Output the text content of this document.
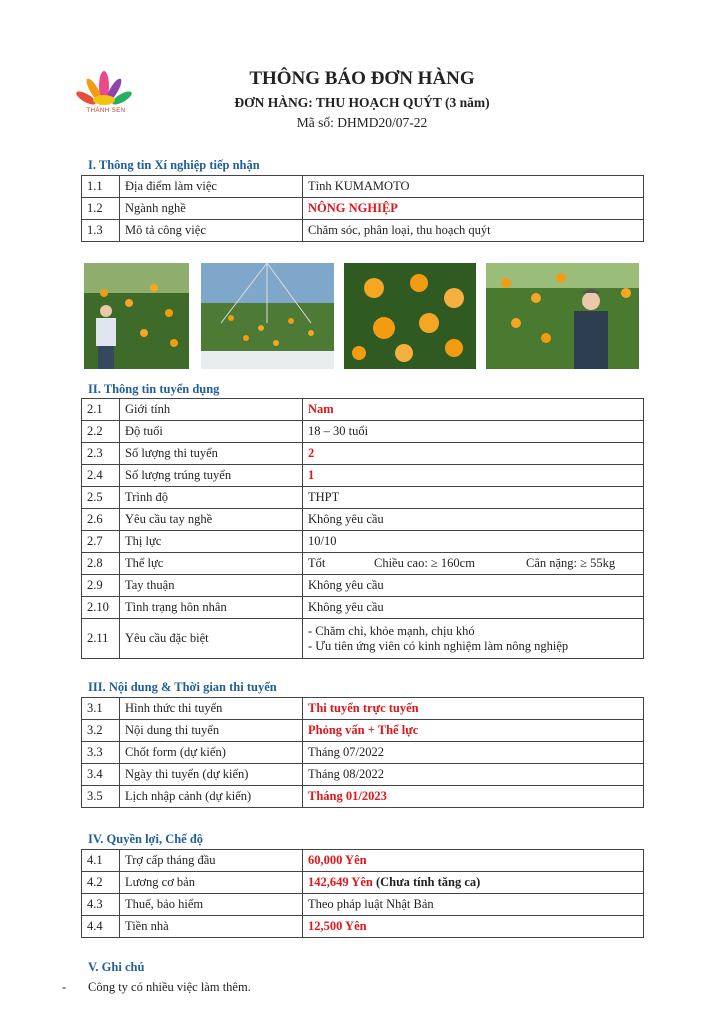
THÀNH SEN
THÔNG BÁO ĐƠN HÀNG
ĐƠN HÀNG: THU HOẠCH QUÝT (3 năm)
Mã số: DHMD20/07-22
I. Thông tin Xí nghiệp tiếp nhận
1.1	Địa điểm làm việc	Tỉnh KUMAMOTO
1.2	Ngành nghề	NÔNG NGHIỆP
1.3	Mô tả công việc	Chăm sóc, phân loại, thu hoạch quýt
II. Thông tin tuyển dụng
2.1	Giới tính	Nam
2.2	Độ tuổi	18 – 30 tuổi
2.3	Số lượng thi tuyển	2
2.4	Số lượng trúng tuyển	1
2.5	Trình độ	THPT
2.6	Yêu cầu tay nghề	Không yêu cầu
2.7	Thị lực	10/10
2.8	Thể lực	Tốt Chiều cao: ≥ 160cm Cân nặng: ≥ 55kg
2.9	Tay thuận	Không yêu cầu
2.10	Tình trạng hôn nhân	Không yêu cầu
2.11	Yêu cầu đặc biệt	- Chăm chỉ, khỏe mạnh, chịu khó
- Ưu tiên ứng viên có kinh nghiệm làm nông nghiệp
III. Nội dung & Thời gian thi tuyển
3.1	Hình thức thi tuyển	Thi tuyển trực tuyến
3.2	Nội dung thi tuyển	Phỏng vấn + Thể lực
3.3	Chốt form (dự kiến)	Tháng 07/2022
3.4	Ngày thi tuyển (dự kiến)	Tháng 08/2022
3.5	Lịch nhập cảnh (dự kiến)	Tháng 01/2023
IV. Quyền lợi, Chế độ
4.1	Trợ cấp tháng đầu	60,000 Yên
4.2	Lương cơ bản	142,649 Yên (Chưa tính tăng ca)
4.3	Thuế, bảo hiểm	Theo pháp luật Nhật Bản
4.4	Tiền nhà	12,500 Yên
V. Ghi chú
- Công ty có nhiều việc làm thêm.
